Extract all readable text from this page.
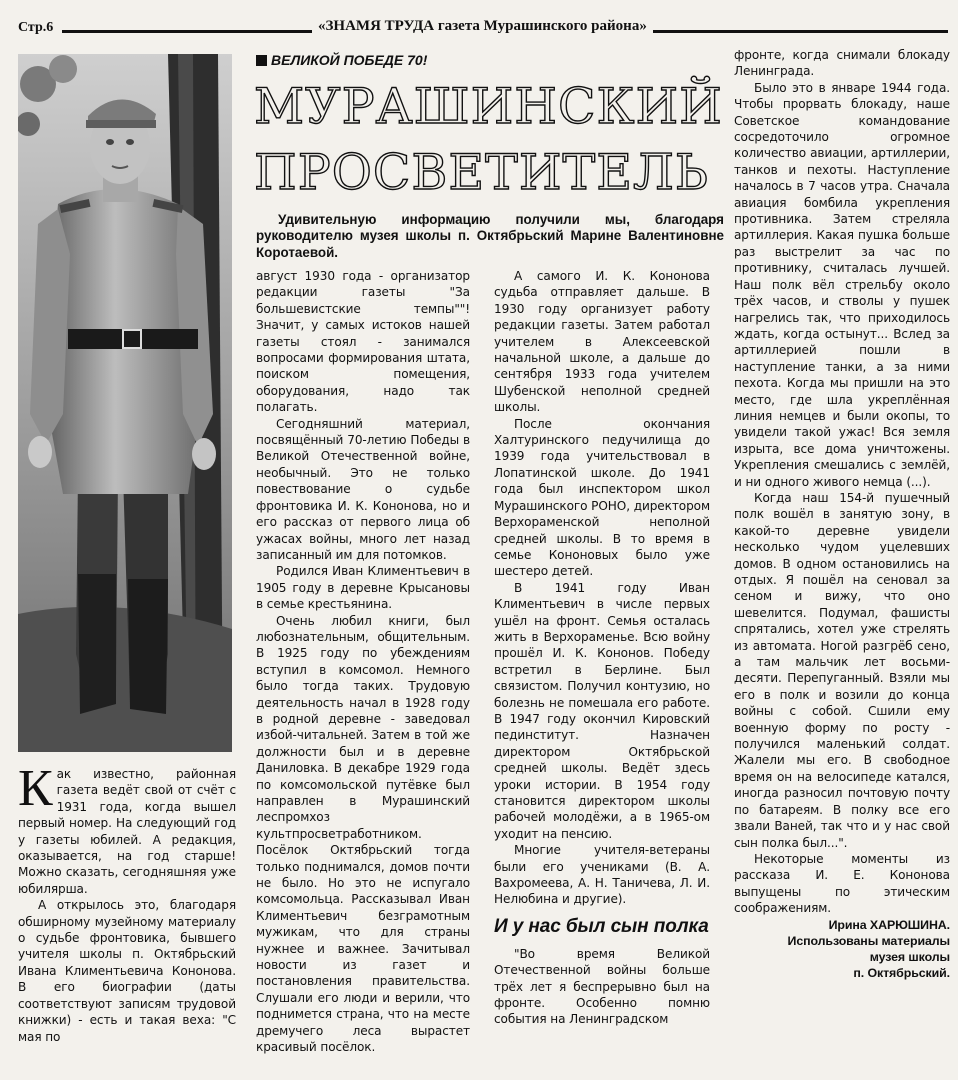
Стр.6	«ЗНАМЯ ТРУДА газета Мурашинского района»
ВЕЛИКОЙ ПОБЕДЕ 70!
МУРАШИНСКИЙ
ПРОСВЕТИТЕЛЬ
Удивительную информацию получили мы, благодаря руководителю музея школы п. Октябрьский Марине Валентиновне Коротаевой.

Как известно, районная газета ведёт свой от счёт с 1931 года, когда вышел первый номер. На следующий год у газеты юбилей. А редакция, оказывается, на год старше! Можно сказать, сегодняшняя уже юбилярша.

А открылось это, благодаря обширному музейному материалу о судьбе фронтовика, бывшего учителя школы п. Октябрьский Ивана Климентьевича Кононова. В его биографии (даты соответствуют записям трудовой книжки) - есть и такая веха: "С мая по

август 1930 года - организатор редакции газеты "За большевистские темпы""! Значит, у самых истоков нашей газеты стоял - занимался вопросами формирования штата, поиском помещения, оборудования, надо так полагать.

Сегодняшний материал, посвящённый 70-летию Победы в Великой Отечественной войне, необычный. Это не только повествование о судьбе фронтовика И. К. Кононова, но и его рассказ от первого лица об ужасах войны, много лет назад записанный им для потомков.

Родился Иван Климентьевич в 1905 году в деревне Крысановы в семье крестьянина.

Очень любил книги, был любознательным, общительным. В 1925 году по убеждениям вступил в комсомол. Немного было тогда таких. Трудовую деятельность начал в 1928 году в родной деревне - заведовал избой-читальней. Затем в той же должности был и в деревне Даниловка. В декабре 1929 года по комсомольской путёвке был направлен в Мурашинский леспромхоз культпросветработником. Посёлок Октябрьский тогда только поднимался, домов почти не было. Но это не испугало комсомольца. Рассказывал Иван Климентьевич безграмотным мужикам, что для страны нужнее и важнее. Зачитывал новости из газет и постановления правительства. Слушали его люди и верили, что поднимется страна, что на месте дремучего леса вырастет красивый посёлок.

А самого И. К. Кононова судьба отправляет дальше. В 1930 году организует работу редакции газеты. Затем работал учителем в Алексеевской начальной школе, а дальше до сентября 1933 года учителем Шубенской неполной средней школы.

После окончания Халтуринского педучилища до 1939 года учительствовал в Лопатинской школе. До 1941 года был инспектором школ Мурашинского РОНО, директором Верхораменской неполной средней школы. В то время в семье Кононовых было уже шестеро детей.

В 1941 году Иван Климентьевич в числе первых ушёл на фронт. Семья осталась жить в Верхораменье. Всю войну прошёл И. К. Кононов. Победу встретил в Берлине. Был связистом. Получил контузию, но болезнь не помешала его работе. В 1947 году окончил Кировский пединститут. Назначен директором Октябрьской средней школы. Ведёт здесь уроки истории. В 1954 году становится директором школы рабочей молодёжи, а в 1965-ом уходит на пенсию.

Многие учителя-ветераны были его учениками (В. А. Вахромеева, А. Н. Таничева, Л. И. Нелюбина и другие).

И у нас был сын полка

"Во время Великой Отечественной войны больше трёх лет я беспрерывно был на фронте. Особенно помню события на Ленинградском

фронте, когда снимали блокаду Ленинграда.

Было это в январе 1944 года. Чтобы прорвать блокаду, наше Советское командование сосредоточило огромное количество авиации, артиллерии, танков и пехоты. Наступление началось в 7 часов утра. Сначала авиация бомбила укрепления противника. Затем стреляла артиллерия. Какая пушка больше раз выстрелит за час по противнику, считалась лучшей. Наш полк вёл стрельбу около трёх часов, и стволы у пушек нагрелись так, что приходилось ждать, когда остынут... Вслед за артиллерией пошли в наступление танки, а за ними пехота. Когда мы пришли на это место, где шла укреплённая линия немцев и были окопы, то увидели такой ужас! Вся земля изрыта, все дома уничтожены. Укрепления смешались с землёй, и ни одного живого немца (...).

Когда наш 154-й пушечный полк вошёл в занятую зону, в какой-то деревне увидели несколько чудом уцелевших домов. В одном остановились на отдых. Я пошёл на сеновал за сеном и вижу, что оно шевелится. Подумал, фашисты спрятались, хотел уже стрелять из автомата. Ногой разгрёб сено, а там мальчик лет восьми-десяти. Перепуганный. Взяли мы его в полк и возили до конца войны с собой. Сшили ему военную форму по росту - получился маленький солдат. Жалели мы его. В свободное время он на велосипеде катался, иногда разносил почтовую почту по батареям. В полку все его звали Ваней, так что и у нас свой сын полка был...".

Некоторые моменты из рассказа И. Е. Кононова выпущены по этическим соображениям.

Ирина ХАРЮШИНА.
Использованы материалы
музея школы
п. Октябрьский.
